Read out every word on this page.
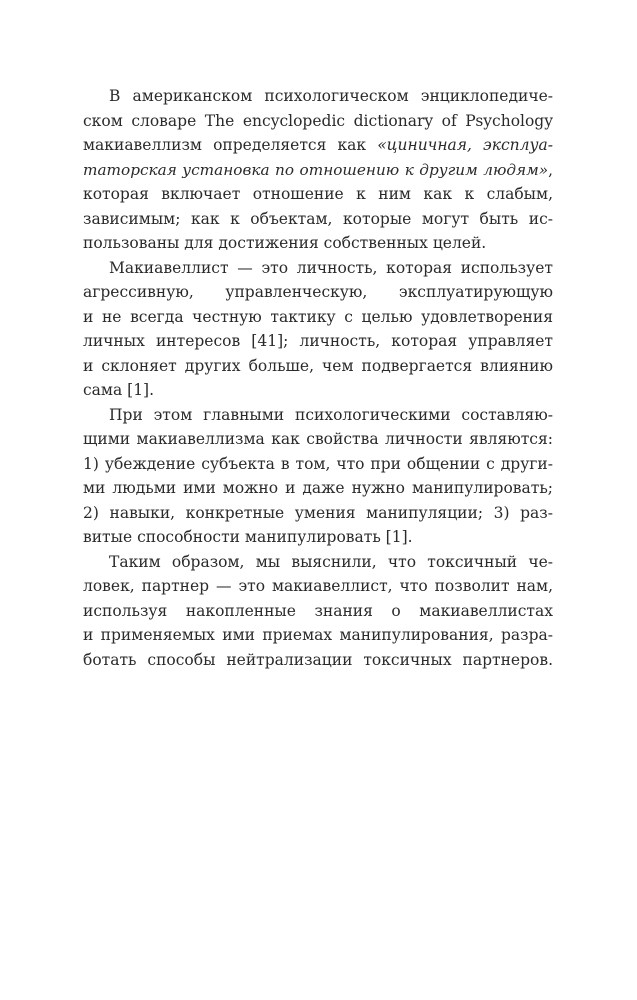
В американском психологическом энциклопедиче-
ском словаре The encyclopedic dictionary of Psychology
макиавеллизм определяется как «циничная, эксплуа-
таторская установка по отношению к другим людям»,
которая включает отношение к ним как к слабым,
зависимым; как к объектам, которые могут быть ис-
пользованы для достижения собственных целей.
Макиавеллист — это личность, которая использует
агрессивную, управленческую, эксплуатирующую
и не всегда честную тактику с целью удовлетворения
личных интересов [41]; личность, которая управляет
и склоняет других больше, чем подвергается влиянию
сама [1].
При этом главными психологическими составляю-
щими макиавеллизма как свойства личности являются:
1) убеждение субъекта в том, что при общении с други-
ми людьми ими можно и даже нужно манипулировать;
2) навыки, конкретные умения манипуляции; 3) раз-
витые способности манипулировать [1].
Таким образом, мы выяснили, что токсичный че-
ловек, партнер — это макиавеллист, что позволит нам,
используя накопленные знания о макиавеллистах
и применяемых ими приемах манипулирования, разра-
ботать способы нейтрализации токсичных партнеров.
